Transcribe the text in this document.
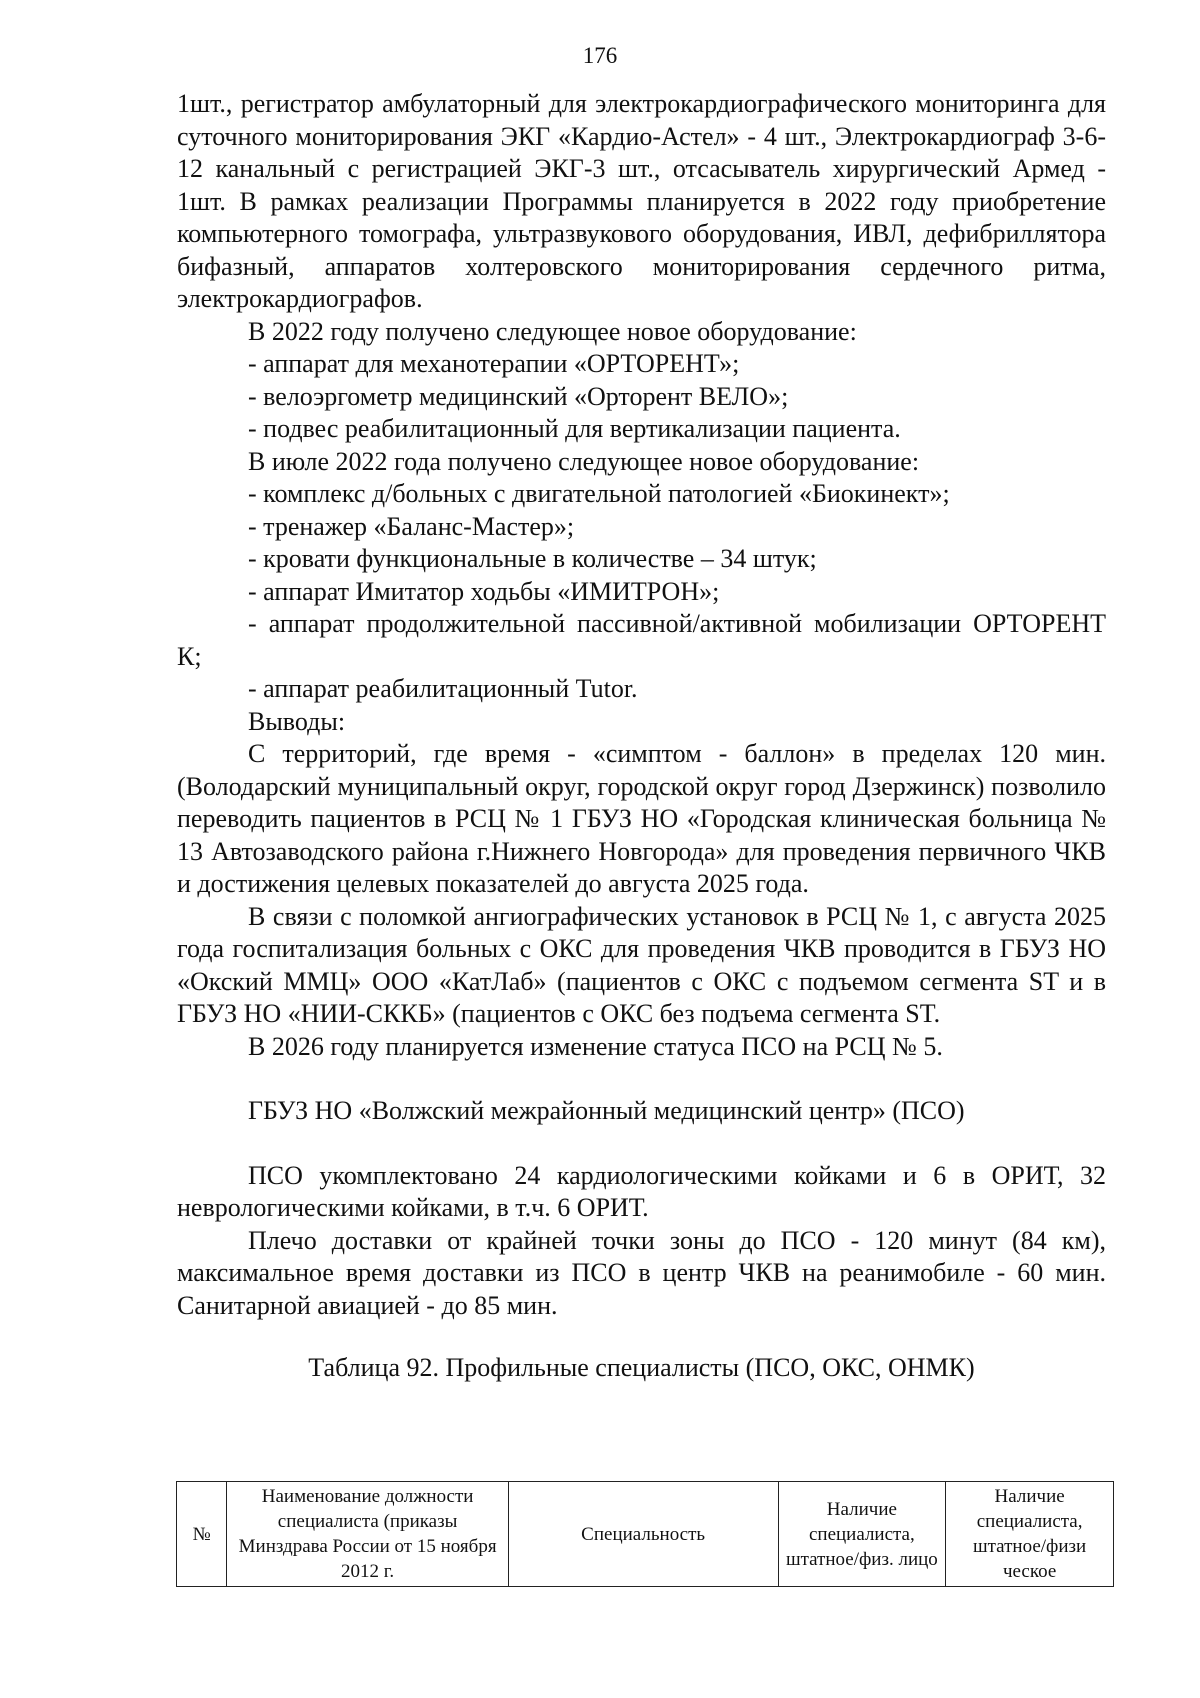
176

1шт., регистратор амбулаторный для электрокардиографического мониторинга для суточного мониторирования ЭКГ «Кардио-Астел» - 4 шт., Электрокардиограф 3-6-12 канальный с регистрацией ЭКГ-3 шт., отсасыватель хирургический Армед - 1шт. В рамках реализации Программы планируется в 2022 году приобретение компьютерного томографа, ультразвукового оборудования, ИВЛ, дефибриллятора бифазный, аппаратов холтеровского мониторирования сердечного ритма, электрокардиографов.

В 2022 году получено следующее новое оборудование:

- аппарат для механотерапии «ОРТОРЕНТ»;

- велоэргометр медицинский «Орторент ВЕЛО»;

- подвес реабилитационный для вертикализации пациента.

В июле 2022 года получено следующее новое оборудование:

- комплекс д/больных с двигательной патологией «Биокинект»;

- тренажер «Баланс-Мастер»;

- кровати функциональные в количестве – 34 штук;

- аппарат Имитатор ходьбы «ИМИТРОН»;

- аппарат продолжительной пассивной/активной мобилизации ОРТОРЕНТ К;

- аппарат реабилитационный Tutor.

Выводы:

С территорий, где время - «симптом - баллон» в пределах 120 мин. (Володарский муниципальный округ, городской округ город Дзержинск) позволило переводить пациентов в РСЦ № 1 ГБУЗ НО «Городская клиническая больница № 13 Автозаводского района г.Нижнего Новгорода» для проведения первичного ЧКВ и достижения целевых показателей до августа 2025 года.

В связи с поломкой ангиографических установок в РСЦ № 1, с августа 2025 года госпитализация больных с ОКС для проведения ЧКВ проводится в ГБУЗ НО «Окский ММЦ» ООО «КатЛаб» (пациентов с ОКС с подъемом сегмента ST и в ГБУЗ НО «НИИ-СККБ» (пациентов с ОКС без подъема сегмента ST.

В 2026 году планируется изменение статуса ПСО на РСЦ № 5.

ГБУЗ НО «Волжский межрайонный медицинский центр» (ПСО)

ПСО укомплектовано 24 кардиологическими койками и 6 в ОРИТ, 32 неврологическими койками, в т.ч. 6 ОРИТ.

Плечо доставки от крайней точки зоны до ПСО - 120 минут (84 км), максимальное время доставки из ПСО в центр ЧКВ на реанимобиле - 60 мин. Санитарной авиацией - до 85 мин.

Таблица 92. Профильные специалисты (ПСО, ОКС, ОНМК)

№	Наименование должности специалиста (приказы Минздрава России от 15 ноября 2012 г.	Специальность	Наличие специалиста, штатное/физ. лицо	Наличие специалиста, штатное/физи ческое
